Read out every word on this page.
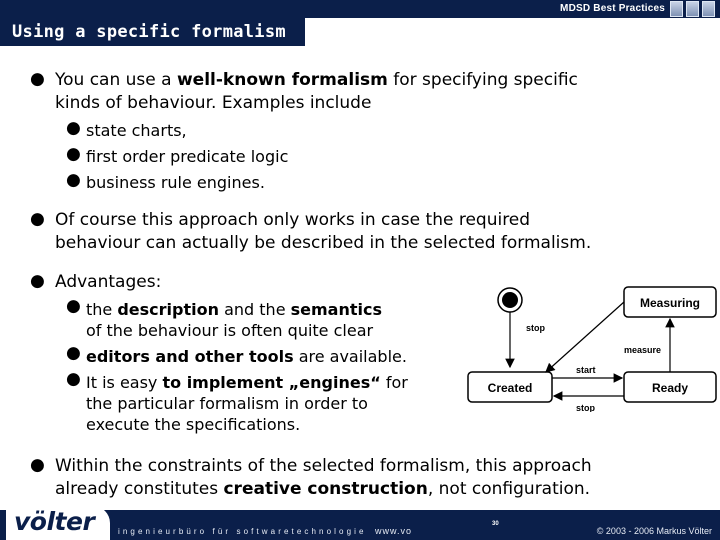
MDSD Best Practices
Using a specific formalism
● You can use a well-known formalism for specifying specific
kinds of behaviour. Examples include
● state charts,
● first order predicate logic
● business rule engines.
● Of course this approach only works in case the required
behaviour can actually be described in the selected formalism.
● Advantages:
● the description and the semantics
of the behaviour is often quite clear
● editors and other tools are available.
● It is easy to implement „engines“ for
the particular formalism in order to
execute the specifications.
Measuring
Created	Ready
stop
measure
start
stop
● Within the constraints of the selected formalism, this approach
already constitutes creative construction, not configuration.
völter	ingenieurbüro für softwaretechnologie www.vo
30
© 2003 - 2006 Markus Völter
